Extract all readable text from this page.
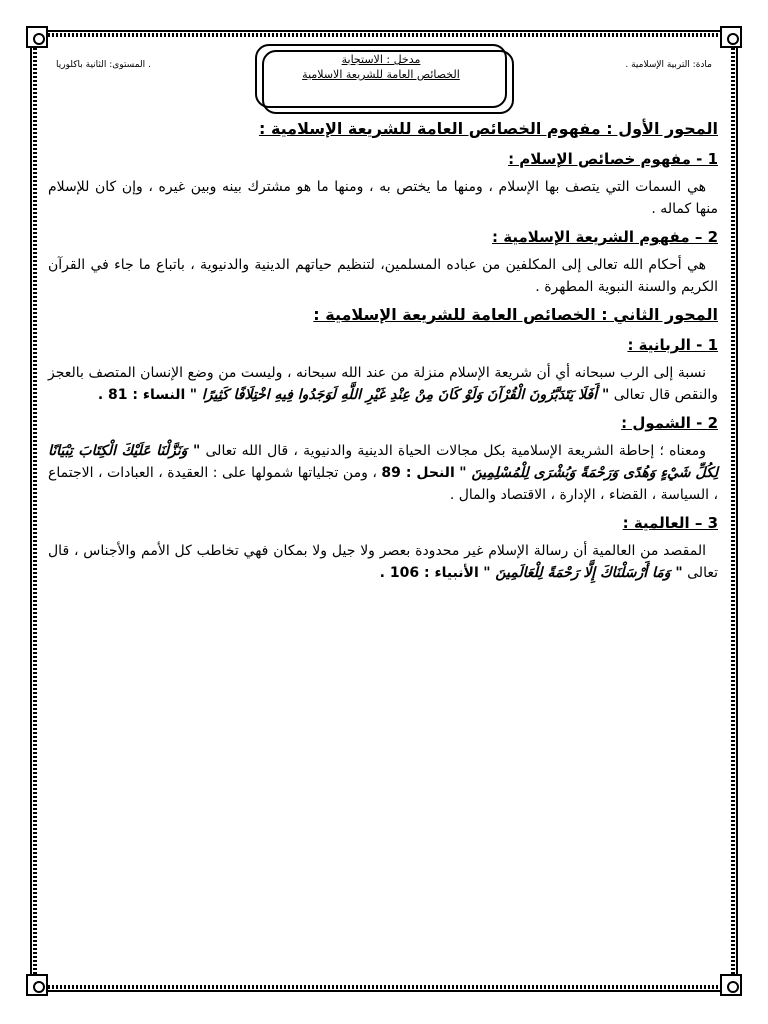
المستوى: الثانية باكلوريا .	مادة: التربية الإسلامية .
مدخل : الاستجابة
الخصائص العامة للشريعة الاسلامية
المحور الأول : مفهوم الخصائص العامة للشريعة الإسلامية :
1 - مفهوم خصائص الإسلام :

هي السمات التي يتصف بها الإسلام ، ومنها ما يختص به ، ومنها ما هو مشترك بينه وبين غيره ، وإن كان للإسلام منها كماله .

2 – مفهوم الشريعة الإسلامية :

هي أحكام الله تعالى إلى المكلفين من عباده المسلمين، لتنظيم حياتهم الدينية والدنيوية ، باتباع ما جاء في القرآن الكريم والسنة النبوية المطهرة .

المحور الثاني : الخصائص العامة للشريعة الإسلامية :
1 - الربانية :

نسبة إلى الرب سبحانه أي أن شريعة الإسلام منزلة من عند الله سبحانه ، وليست من وضع الإنسان المتصف بالعجز والنقص قال تعالى " أَفَلَا يَتَدَبَّرُونَ الْقُرْآنَ وَلَوْ كَانَ مِنْ عِنْدِ غَيْرِ اللَّهِ لَوَجَدُوا فِيهِ اخْتِلَافًا كَثِيرًا " النساء : 81 .

2 - الشمول :

ومعناه ؛ إحاطة الشريعة الإسلامية بكل مجالات الحياة الدينية والدنيوية ، قال الله تعالى " وَنَزَّلْنَا عَلَيْكَ الْكِتَابَ تِبْيَانًا لِكُلِّ شَيْءٍ وَهُدًى وَرَحْمَةً وَبُشْرَى لِلْمُسْلِمِينَ " النحل : 89 ، ومن تجلياتها شمولها على : العقيدة ، العبادات ، الاجتماع ، السياسة ، القضاء ، الإدارة ، الاقتصاد والمال .

3 – العالمية :

المقصد من العالمية أن رسالة الإسلام غير محدودة بعصر ولا جيل ولا بمكان فهي تخاطب كل الأمم والأجناس ، قال تعالى " وَمَا أَرْسَلْنَاكَ إِلَّا رَحْمَةً لِلْعَالَمِينَ " الأنبياء : 106 .
